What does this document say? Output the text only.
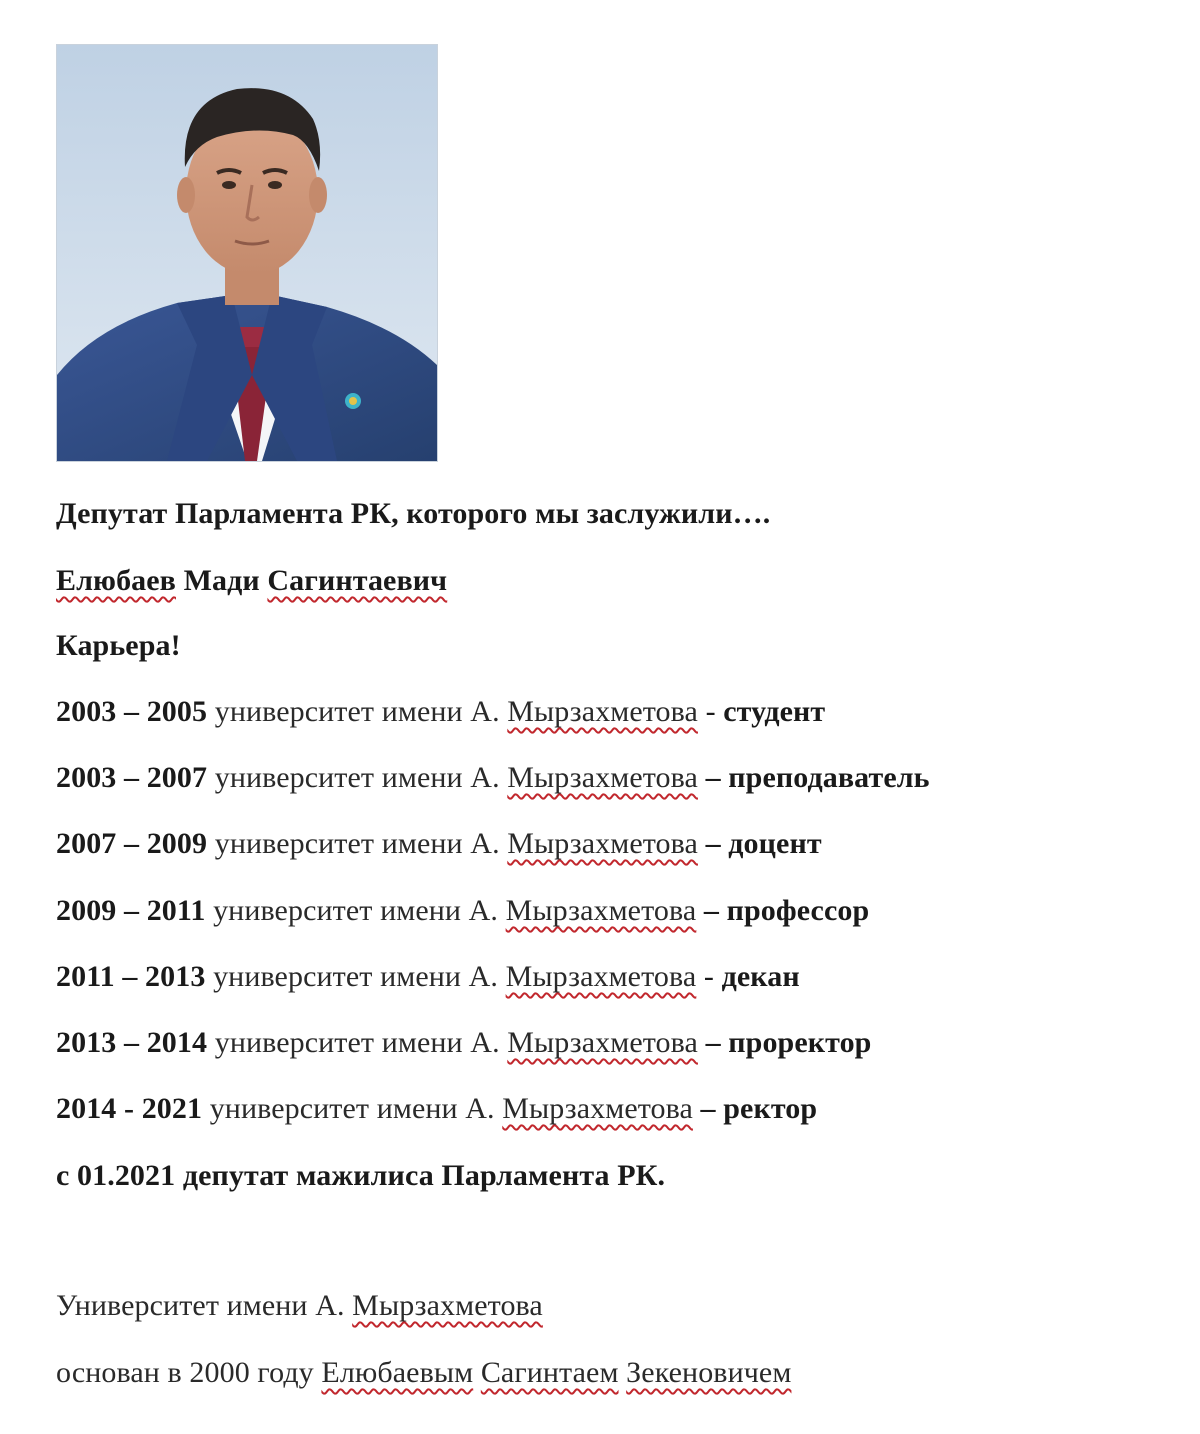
Депутат Парламента РК, которого мы заслужили….
Елюбаев Мади Сагинтаевич
Карьера!
2003 – 2005 университет имени А. Мырзахметова - студент
2003 – 2007 университет имени А. Мырзахметова – преподаватель
2007 – 2009 университет имени А. Мырзахметова – доцент
2009 – 2011 университет имени А. Мырзахметова – профессор
2011 – 2013 университет имени А. Мырзахметова - декан
2013 – 2014 университет имени А. Мырзахметова – проректор
2014 - 2021 университет имени А. Мырзахметова – ректор
с 01.2021 депутат мажилиса Парламента РК.
Университет имени А. Мырзахметова
основан в 2000 году Елюбаевым Сагинтаем Зекеновичем
